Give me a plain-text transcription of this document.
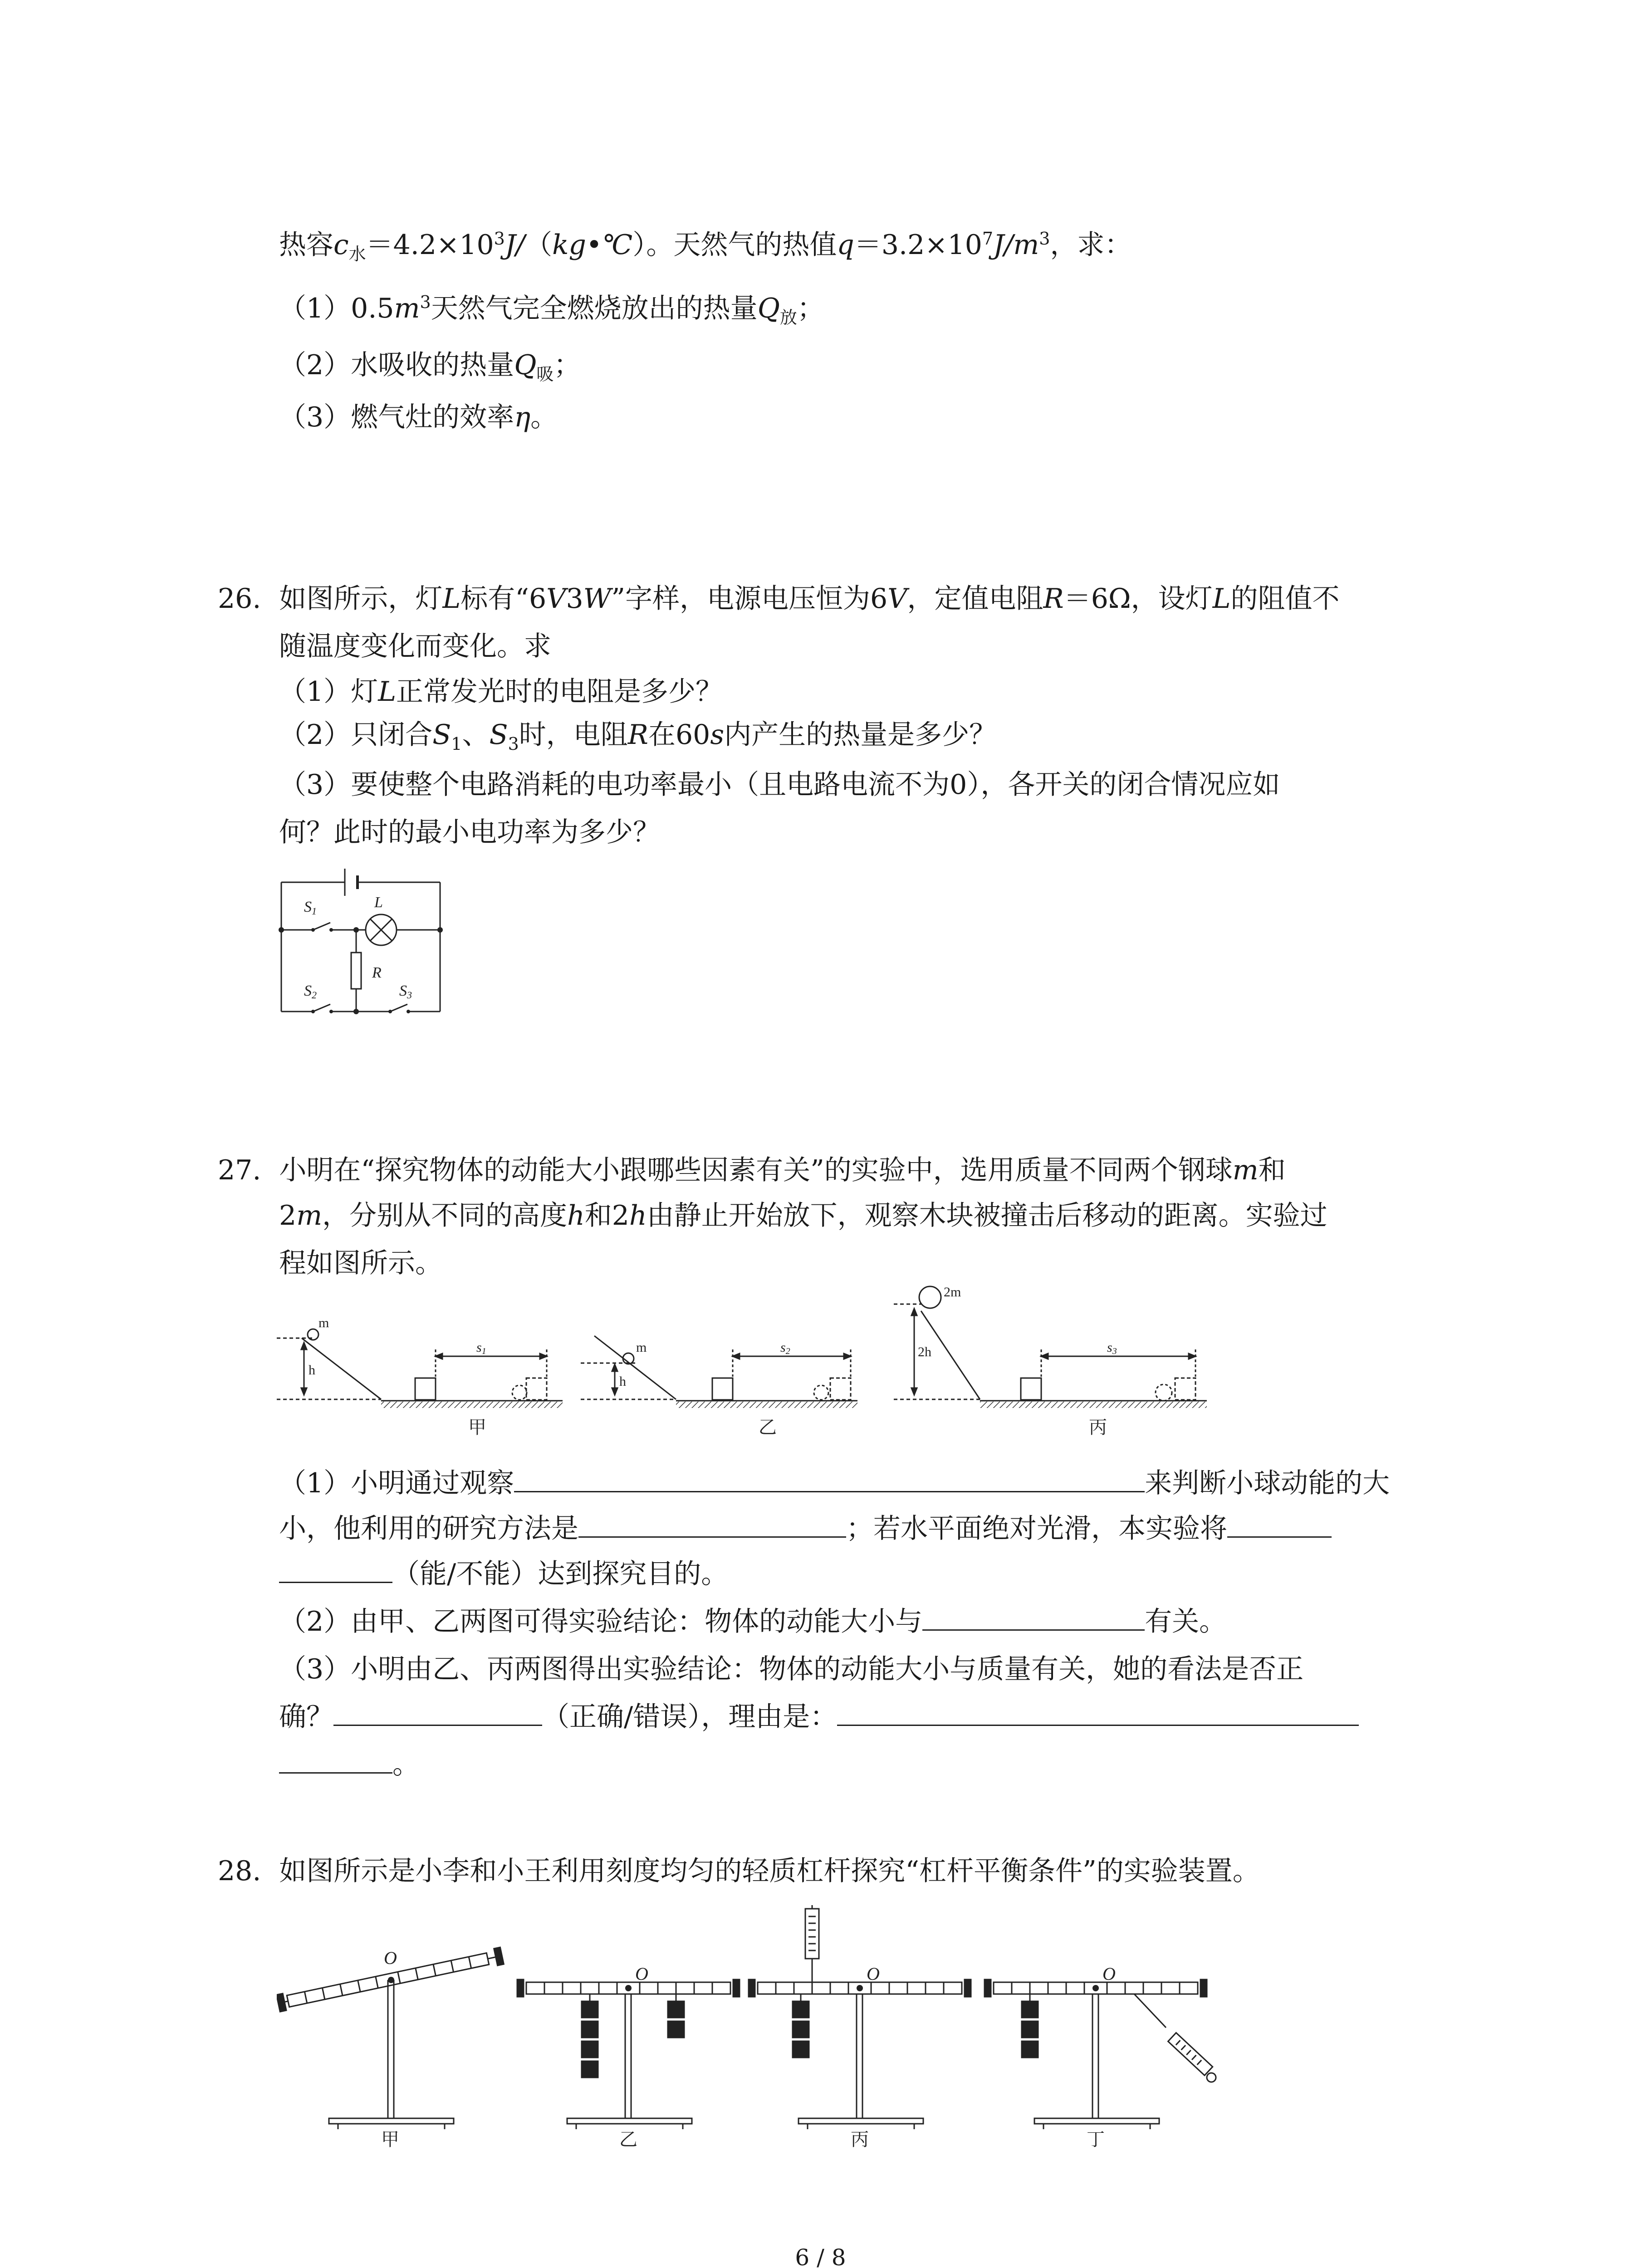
热容$c_水=4.2\times 10^3J/(kg•℃)$。天然气的热值$q=3.2\times 10^7J/m^3$，求：
$(1)0.5m^3$天然气完全燃烧放出的热量$Q_放$；
（2）水吸收的热量$Q_吸$；
（3）燃气灶的效率η。
26. 如图所示，灯L标有“6V3W”字样，电源电压恒为6V，定值电阻R＝6Ω，设灯L的阻值不
随温度变化而变化。求
（1）灯L正常发光时的电阻是多少？
（2）只闭合$S_1$、$S_3$时，电阻R在60s内产生的热量是多少？
（3）要使整个电路消耗的电功率最小（且电路电流不为0），各开关的闭合情况应如
何？此时的最小电功率为多少？
S1
L
R
S2	S3
27. 小明在“探究物体的动能大小跟哪些因素有关”的实验中，选用质量不同两个钢球m和
2m，分别从不同的高度h和2h由静止开始放下，观察木块被撞击后移动的距离。实验过
程如图所示。
m
h
s1	m
h
s2
2m
2h	s3
甲	乙	丙
（1）小明通过观察	来判断小球动能的大
小，他利用的研究方法是	；若水平面绝对光滑，本实验将
（能/不能）达到探究目的。
（2）由甲、乙两图可得实验结论：物体的动能大小与	有关。
（3）小明由乙、丙两图得出实验结论：物体的动能大小与质量有关，她的看法是否正
确？	（正确/错误），理由是：
。
28. 如图所示是小李和小王利用刻度均匀的轻质杠杆探究“杠杆平衡条件”的实验装置。
O
O	O	O
甲	乙	丙	丁
6 / 8
